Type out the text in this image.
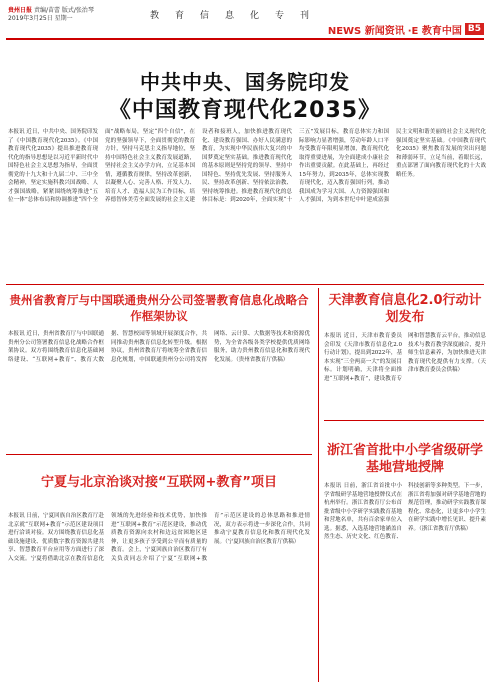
贵州日报 责编/苗蕾 版式/张治琴
2019年3月25日 星期一	教育信息化专刊
NEWS 新闻资讯 ·E 教育中国 B5
中共中央、国务院印发
《中国教育现代化2035》
本报讯 近日，中共中央、国务院印发了《中国教育现代化2035》。《中国教育现代化2035》提出推进教育现代化的指导思想是以习近平新时代中国特色社会主义思想为指导，全面贯彻党的十九大和十九届二中、三中全会精神，坚定实施科教兴国战略、人才强国战略，紧紧围绕统筹推进“五位一体”总体布局和协调推进“四个全面”战略布局，坚定“四个自信”，在党的坚强领导下，全面贯彻党的教育方针，坚持马克思主义指导地位，坚持中国特色社会主义教育发展道路，坚持社会主义办学方向，立足基本国情，遵循教育规律，坚持改革创新，以凝聚人心、完善人格、开发人力、培育人才、造福人民为工作目标，培养德智体美劳全面发展的社会主义建设者和接班人，加快推进教育现代化、建设教育强国、办好人民满意的教育，为实现中华民族伟大复兴的中国梦奠定坚实基础。推进教育现代化的基本原则是坚持党的领导、坚持中国特色、坚持优先发展、坚持服务人民、坚持改革创新、坚持依法治教、坚持统筹推进。推进教育现代化的总体目标是：到2020年，全面实现“十三五”发展目标，教育总体实力和国际影响力显著增强，劳动年龄人口平均受教育年限明显增加，教育现代化取得重要进展，为全面建成小康社会作出重要贡献。在此基础上，再经过15年努力，到2035年，总体实现教育现代化，迈入教育强国行列，推动我国成为学习大国、人力资源强国和人才强国，为到本世纪中叶建成富强民主文明和谐美丽的社会主义现代化强国奠定坚实基础。《中国教育现代化2035》聚焦教育发展的突出问题和薄弱环节，立足当前，着眼长远，重点部署了面向教育现代化的十大战略任务。
贵州省教育厅与中国联通贵州分公司签署教育信息化战略合作框架协议
本报讯 近日，贵州省教育厅与中国联通贵州分公司签署教育信息化战略合作框架协议。双方将围绕教育信息化基础网络建设、“互联网+教育”、教育大数据、智慧校园等领域开展深度合作，共同推动贵州教育信息化转型升级。根据协议，贵州省教育厅将统筹全省教育信息化规划，中国联通贵州分公司将发挥网络、云计算、大数据等技术和资源优势，为全省各级各类学校提供优质网络服务，助力贵州教育信息化和教育现代化发展。（贵州省教育厅供稿）
天津教育信息化2.0行动计划发布
本报讯 近日，天津市教育委员会印发《天津市教育信息化2.0行动计划》，提出到2022年，基本实现“三全两高一大”的发展目标。计划明确，天津将全面推进“互联网+教育”，建设教育专网和智慧教育云平台，推动信息技术与教育教学深度融合，提升师生信息素养，为加快推进天津教育现代化提供有力支撑。（天津市教育委员会供稿）
浙江省首批中小学省级研学基地营地授牌
本报讯 日前，浙江省首批中小学省级研学基地营地授牌仪式在杭州举行。浙江省教育厅公布首批省级中小学研学实践教育基地和营地名单，共有百余家单位入选。据悉，入选基地营地涵盖自然生态、历史文化、红色教育、科技创新等多种类型。下一步，浙江省将加强对研学基地营地的规范管理，推动研学实践教育课程化、常态化，让更多中小学生在研学实践中增长见识、提升素养。（浙江省教育厅供稿）
宁夏与北京治谈对接“互联网+教育”项目
本报讯 日前，宁夏回族自治区教育厅赴北京就“互联网+教育”示范区建设项目进行洽谈对接。双方围绕教育信息化基础设施建设、优质数字教育资源共建共享、智慧教育平台应用等方面进行了深入交流。宁夏将借助北京在教育信息化领域的先进经验和技术优势，加快推进“互联网+教育”示范区建设，推动优质教育资源向农村和边远贫困地区延伸，让更多孩子享受到公平而有质量的教育。会上，宁夏回族自治区教育厅有关负责同志介绍了宁夏“互联网+教育”示范区建设的总体思路和推进情况，双方表示将进一步深化合作，共同推动宁夏教育信息化和教育现代化发展。（宁夏回族自治区教育厅供稿）
